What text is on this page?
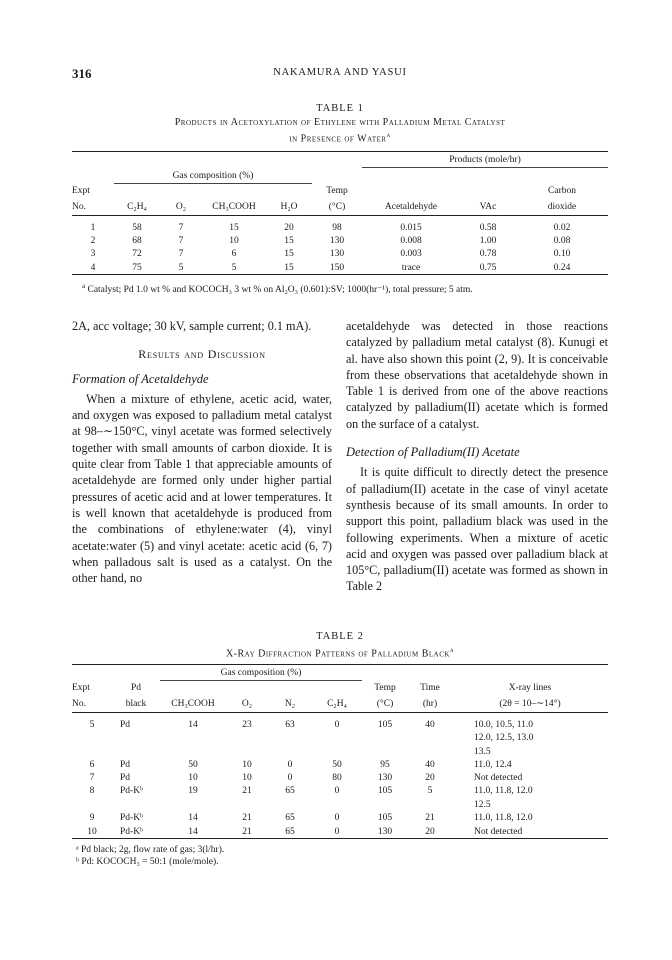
316	NAKAMURA AND YASUI
TABLE 1
Products in Acetoxylation of Ethylene with Palladium Metal Catalyst
in Presence of Water$^a$
						Products (mole/hr)		
	Gas composition (%)							
Expt					Temp			Carbon
No.	C₂H₄	O₂	CH₃COOH	H₂O	(°C)	Acetaldehyde	VAc	dioxide

1	58	7	15	20	98	0.015	0.58	0.02
2	68	7	10	15	130	0.008	1.00	0.08
3	72	7	6	15	130	0.003	0.78	0.10
4	75	5	5	15	150	trace	0.75	0.24
$^a$ Catalyst; Pd 1.0 wt % and KOCOCH₃ 3 wt % on Al₂O₃ (0.601):SV; 1000(hr⁻¹), total pressure; 5 atm.

2A, acc voltage; 30 kV, sample current; 0.1 mA).

Results and Discussion

Formation of Acetaldehyde

When a mixture of ethylene, acetic acid, water, and oxygen was exposed to palladium metal catalyst at 98–∼150°C, vinyl acetate was formed selectively together with small amounts of carbon dioxide. It is quite clear from Table 1 that appreciable amounts of acetaldehyde are formed only under higher partial pressures of acetic acid and at lower temperatures. It is well known that acetaldehyde is produced from the combinations of ethylene:water (4), vinyl acetate:water (5) and vinyl acetate: acetic acid (6, 7) when palladous salt is used as a catalyst. On the other hand, no

acetaldehyde was detected in those reactions catalyzed by palladium metal catalyst (8). Kunugi et al. have also shown this point (2, 9). It is conceivable from these observations that acetaldehyde shown in Table 1 is derived from one of the above reactions catalyzed by palladium(II) acetate which is formed on the surface of a catalyst.

Detection of Palladium(II) Acetate

It is quite difficult to directly detect the presence of palladium(II) acetate in the case of vinyl acetate synthesis because of its small amounts. In order to support this point, palladium black was used in the following experiments. When a mixture of acetic acid and oxygen was passed over palladium black at 105°C, palladium(II) acetate was formed as shown in Table 2

TABLE 2
X-Ray Diffraction Patterns of Palladium Black$^a$
		Gas composition (%)						
Expt	Pd					Temp	Time	X-ray lines
No.	black	CH₃COOH	O₂	N₂	C₂H₄	(°C)	(hr)	(2θ = 10–∼14°)

5	Pd	14	23	63	0	105	40	10.0, 10.5, 11.0
								12.0, 12.5, 13.0
								13.5
6	Pd	50	10	0	50	95	40	11.0, 12.4
7	Pd	10	10	0	80	130	20	Not detected
8	Pd-Kᵇ	19	21	65	0	105	5	11.0, 11.8, 12.0
								12.5
9	Pd-Kᵇ	14	21	65	0	105	21	11.0, 11.8, 12.0
10	Pd-Kᵇ	14	21	65	0	130	20	Not detected
ᵃ Pd black; 2g, flow rate of gas; 3(l/hr).
ᵇ Pd: KOCOCH₃ = 50:1 (mole/mole).
